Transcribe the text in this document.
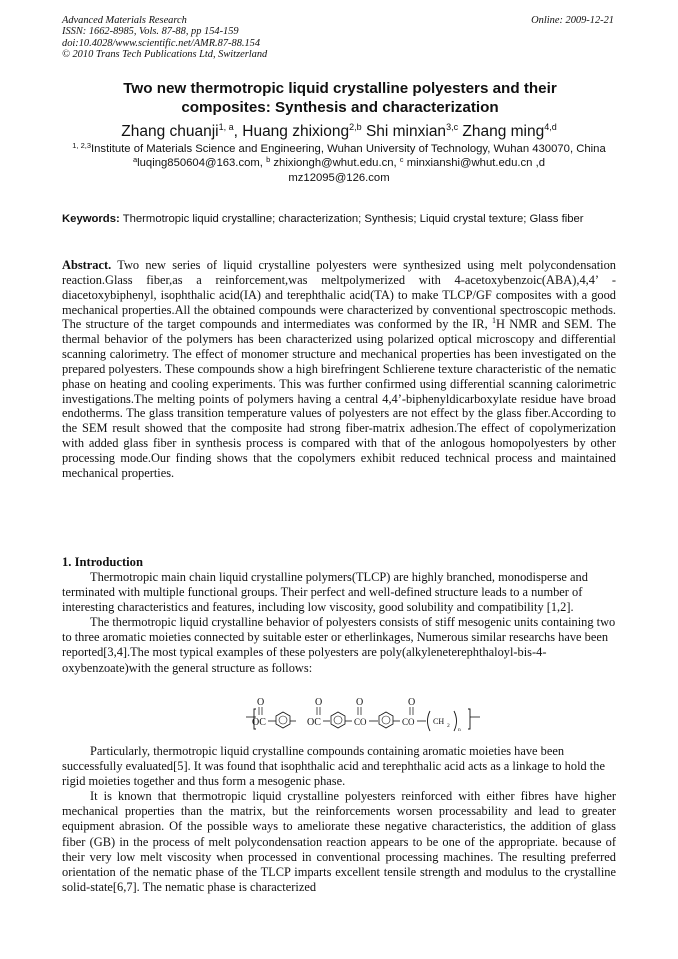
Advanced Materials Research
ISSN: 1662-8985, Vols. 87-88, pp 154-159
doi:10.4028/www.scientific.net/AMR.87-88.154
© 2010 Trans Tech Publications Ltd, Switzerland
Online: 2009-12-21
Two new thermotropic liquid crystalline polyesters and their
composites: Synthesis and characterization
Zhang chuanji$^{1, a}$, Huang zhixiong$^{2,b}$ Shi minxian$^{3,c}$ Zhang ming$^{4,d}$
$^{1, 2,3}$Institute of Materials Science and Engineering, Wuhan University of Technology, Wuhan 430070, China
$^a$luqing850604@163.com, $^b$ zhixiongh@whut.edu.cn, $^c$ minxianshi@whut.edu.cn ,d
mz12095@126.com
Keywords: Thermotropic liquid crystalline; characterization; Synthesis; Liquid crystal texture; Glass fiber
Abstract. Two new series of liquid crystalline polyesters were synthesized using melt polycondensation reaction.Glass fiber,as a reinforcement,was meltpolymerized with 4-acetoxybenzoic(ABA),4,4’ -diacetoxybiphenyl, isophthalic acid(IA) and terephthalic acid(TA) to make TLCP/GF composites with a good mechanical properties.All the obtained compounds were characterized by conventional spectroscopic methods. The structure of the target compounds and intermediates was conformed by the IR, $^1$H NMR and SEM. The thermal behavior of the polymers has been characterized using polarized optical microscopy and differential scanning calorimetry. The effect of monomer structure and mechanical properties has been investigated on the prepared polyesters. These compounds show a high birefringent Schlierene texture characteristic of the nematic phase on heating and cooling experiments. This was further confirmed using differential scanning calorimetric investigations.The melting points of polymers having a central 4,4’-biphenyldicarboxylate residue have broad endotherms. The glass transition temperature values of polyesters are not effect by the glass fiber.According to the SEM result showed that the composite had strong fiber-matrix adhesion.The effect of copolymerization with added glass fiber in synthesis process is compared with that of the anlogous homopolyesters by other processing mode.Our finding shows that the copolymers exhibit reduced technical process and maintained mechanical properties.
1. Introduction

Thermotropic main chain liquid crystalline polymers(TLCP) are highly branched, monodisperse and terminated with multiple functional groups. Their perfect and well-defined structure leads to a number of interesting characteristics and features, including low viscosity, good solubility and compatibility [1,2].

The thermotropic liquid crystalline behavior of polyesters consists of stiff mesogenic units containing two to three aromatic moieties connected by suitable ester or etherlinkages, Numerous similar researchs have been reported[3,4].The most typical examples of these polyesters are poly(alkyleneterephthaloyl-bis-4-oxybenzoate)with the general structure as follows:

O
OC
O
OC
O
CO
O
CO CH 2
n

Particularly, thermotropic liquid crystalline compounds containing aromatic moieties have been successfully evaluated[5]. It was found that isophthalic acid and terephthalic acid acts as a linkage to hold the rigid moieties together and thus form a mesogenic phase.

It is known that thermotropic liquid crystalline polyesters reinforced with either fibres have higher mechanical properties than the matrix, but the reinforcements worsen processability and lead to greater equipment abrasion. Of the possible ways to ameliorate these negative characteristics, the addition of glass fiber (GB) in the process of melt polycondensation reaction appears to be one of the appropriate. because of their very low melt viscosity when processed in conventional processing machines. The resulting preferred orientation of the nematic phase of the TLCP imparts excellent tensile strength and modulus to the crystalline solid-state[6,7]. The nematic phase is characterized
